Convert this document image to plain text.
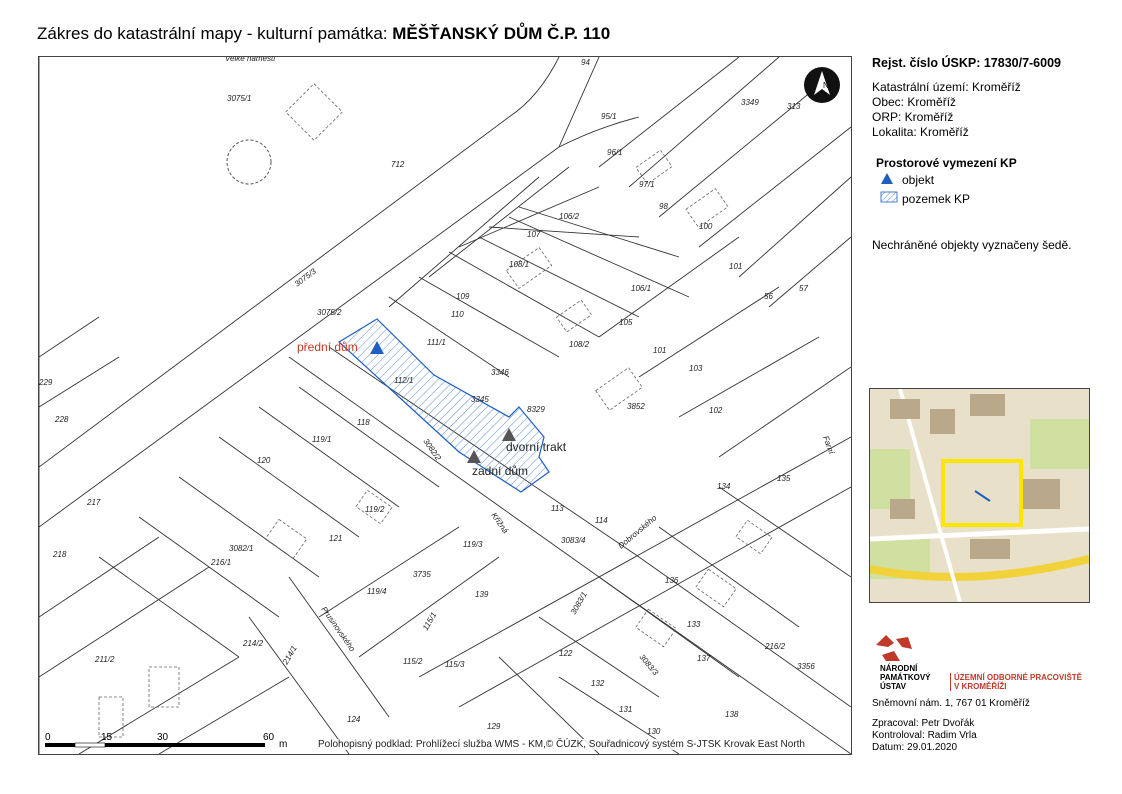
Zákres do katastrální mapy - kulturní památka: MĚŠŤANSKÝ DŮM Č.P. 110
přední dům
dvorní trakt
zadní dům
3075/1
3075/3
3075/2
94
95/1
96/1
97/1
98
100
101
56
57
106/2
107
108/1
109
110
111/1
112/1
106/1
105
108/2
101
103
102
3346
3345
8329	3852
118
119/1
120
229
228
217
218
216/1
3082/1
121
3735
119/2
119/3
119/4
113
114
3083/4
134
135
136
133
137
138
139
115/1
115/3
115/2
122
132
131
130
129
124
214/1
214/2
211/2
216/2
3356
313
3349
712
Křížná	Dobrovského
Prusinovského
Farní
3082/2
3083/1
3083/3
Velké náměstí
N
0	15	30	60
m	Polohopisný podklad: Prohlížecí služba WMS - KM,© ČÚZK, Souřadnicový systém S-JTSK Krovak East North
Rejst. číslo ÚSKP: 17830/7-6009
Katastrální území: Kroměříž
Obec: Kroměříž
ORP: Kroměříž
Lokalita: Kroměříž
Prostorové vymezení KP
objekt
pozemek KP
Nechráněné objekty vyznačeny šedě.
NÁRODNÍ
PAMÁTKOVÝ
ÚSTAV
ÚZEMNÍ ODBORNÉ PRACOVIŠTĚ
V KROMĚŘÍŽI
Sněmovní nám. 1, 767 01 Kroměříž
Zpracoval: Petr Dvořák
Kontroloval: Radim Vrla
Datum: 29.01.2020
